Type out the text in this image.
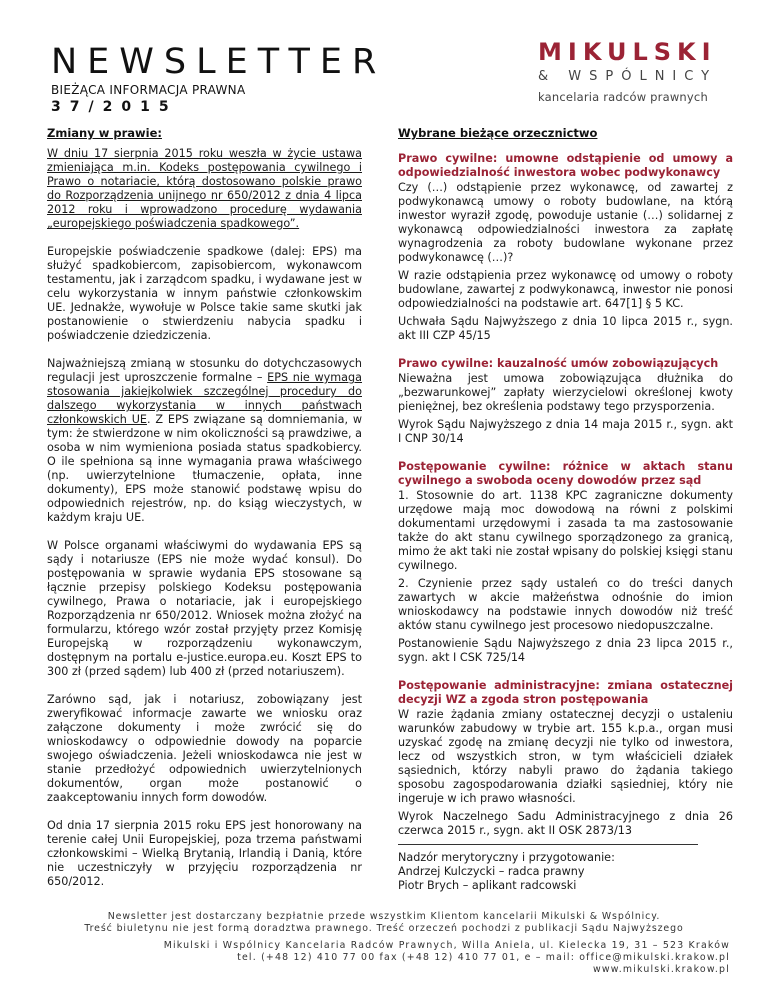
NEWSLETTER
BIEŻĄCA INFORMACJA PRAWNA
37/2015
MIKULSKI
& WSPÓLNICY
kancelaria radców prawnych
Zmiany w prawie:

W dniu 17 sierpnia 2015 roku weszła w życie ustawa zmieniająca m.in. Kodeks postępowania cywilnego i Prawo o notariacie, którą dostosowano polskie prawo do Rozporządzenia unijnego nr 650/2012 z dnia 4 lipca 2012 roku i wprowadzono procedurę wydawania „europejskiego poświadczenia spadkowego”.

Europejskie poświadczenie spadkowe (dalej: EPS) ma służyć spadkobiercom, zapisobiercom, wykonawcom testamentu, jak i zarządcom spadku, i wydawane jest w celu wykorzystania w innym państwie członkowskim UE. Jednakże, wywołuje w Polsce takie same skutki jak postanowienie o stwierdzeniu nabycia spadku i poświadczenie dziedziczenia.

Najważniejszą zmianą w stosunku do dotychczasowych regulacji jest uproszczenie formalne – EPS nie wymaga stosowania jakiejkolwiek szczególnej procedury do dalszego wykorzystania w innych państwach członkowskich UE. Z EPS związane są domniemania, w tym: że stwierdzone w nim okoliczności są prawdziwe, a osoba w nim wymieniona posiada status spadkobiercy. O ile spełniona są inne wymagania prawa właściwego (np. uwierzytelnione tłumaczenie, opłata, inne dokumenty), EPS może stanowić podstawę wpisu do odpowiednich rejestrów, np. do ksiąg wieczystych, w każdym kraju UE.

W Polsce organami właściwymi do wydawania EPS są sądy i notariusze (EPS nie może wydać konsul). Do postępowania w sprawie wydania EPS stosowane są łącznie przepisy polskiego Kodeksu postępowania cywilnego, Prawa o notariacie, jak i europejskiego Rozporządzenia nr 650/2012. Wniosek można złożyć na formularzu, którego wzór został przyjęty przez Komisję Europejską w rozporządzeniu wykonawczym, dostępnym na portalu e-justice.europa.eu. Koszt EPS to 300 zł (przed sądem) lub 400 zł (przed notariuszem).

Zarówno sąd, jak i notariusz, zobowiązany jest zweryfikować informacje zawarte we wniosku oraz załączone dokumenty i może zwrócić się do wnioskodawcy o odpowiednie dowody na poparcie swojego oświadczenia. Jeżeli wnioskodawca nie jest w stanie przedłożyć odpowiednich uwierzytelnionych dokumentów, organ może postanowić o zaakceptowaniu innych form dowodów.

Od dnia 17 sierpnia 2015 roku EPS jest honorowany na terenie całej Unii Europejskiej, poza trzema państwami członkowskimi – Wielką Brytanią, Irlandią i Danią, które nie uczestniczyły w przyjęciu rozporządzenia nr 650/2012.

Wybrane bieżące orzecznictwo

Prawo cywilne: umowne odstąpienie od umowy a odpowiedzialność inwestora wobec podwykonawcy

Czy (…) odstąpienie przez wykonawcę, od zawartej z podwykonawcą umowy o roboty budowlane, na którą inwestor wyraził zgodę, powoduje ustanie (…) solidarnej z wykonawcą odpowiedzialności inwestora za zapłatę wynagrodzenia za roboty budowlane wykonane przez podwykonawcę (…)?

W razie odstąpienia przez wykonawcę od umowy o roboty budowlane, zawartej z podwykonawcą, inwestor nie ponosi odpowiedzialności na podstawie art. 647[1] § 5 KC.

Uchwała Sądu Najwyższego z dnia 10 lipca 2015 r., sygn. akt III CZP 45/15

Prawo cywilne: kauzalność umów zobowiązujących

Nieważna jest umowa zobowiązująca dłużnika do „bezwarunkowej” zapłaty wierzycielowi określonej kwoty pieniężnej, bez określenia podstawy tego przysporzenia.

Wyrok Sądu Najwyższego z dnia 14 maja 2015 r., sygn. akt I CNP 30/14

Postępowanie cywilne: różnice w aktach stanu cywilnego a swoboda oceny dowodów przez sąd

1. Stosownie do art. 1138 KPC zagraniczne dokumenty urzędowe mają moc dowodową na równi z polskimi dokumentami urzędowymi i zasada ta ma zastosowanie także do akt stanu cywilnego sporządzonego za granicą, mimo że akt taki nie został wpisany do polskiej księgi stanu cywilnego.

2. Czynienie przez sądy ustaleń co do treści danych zawartych w akcie małżeństwa odnośnie do imion wnioskodawcy na podstawie innych dowodów niż treść aktów stanu cywilnego jest procesowo niedopuszczalne.

Postanowienie Sądu Najwyższego z dnia 23 lipca 2015 r., sygn. akt I CSK 725/14

Postępowanie administracyjne: zmiana ostatecznej decyzji WZ a zgoda stron postępowania

W razie żądania zmiany ostatecznej decyzji o ustaleniu warunków zabudowy w trybie art. 155 k.p.a., organ musi uzyskać zgodę na zmianę decyzji nie tylko od inwestora, lecz od wszystkich stron, w tym właścicieli działek sąsiednich, którzy nabyli prawo do żądania takiego sposobu zagospodarowania działki sąsiedniej, który nie ingeruje w ich prawo własności.

Wyrok Naczelnego Sadu Administracyjnego z dnia 26 czerwca 2015 r., sygn. akt II OSK 2873/13

Nadzór merytoryczny i przygotowanie:

Andrzej Kulczycki – radca prawny

Piotr Brych – aplikant radcowski

Newsletter jest dostarczany bezpłatnie przede wszystkim Klientom kancelarii Mikulski & Wspólnicy.
Treść biuletynu nie jest formą doradztwa prawnego. Treść orzeczeń pochodzi z publikacji Sądu Najwyższego
Mikulski i Wspólnicy Kancelaria Radców Prawnych, Willa Aniela, ul. Kielecka 19, 31 – 523 Kraków
tel. (+48 12) 410 77 00 fax (+48 12) 410 77 01, e – mail: office@mikulski.krakow.pl
www.mikulski.krakow.pl
